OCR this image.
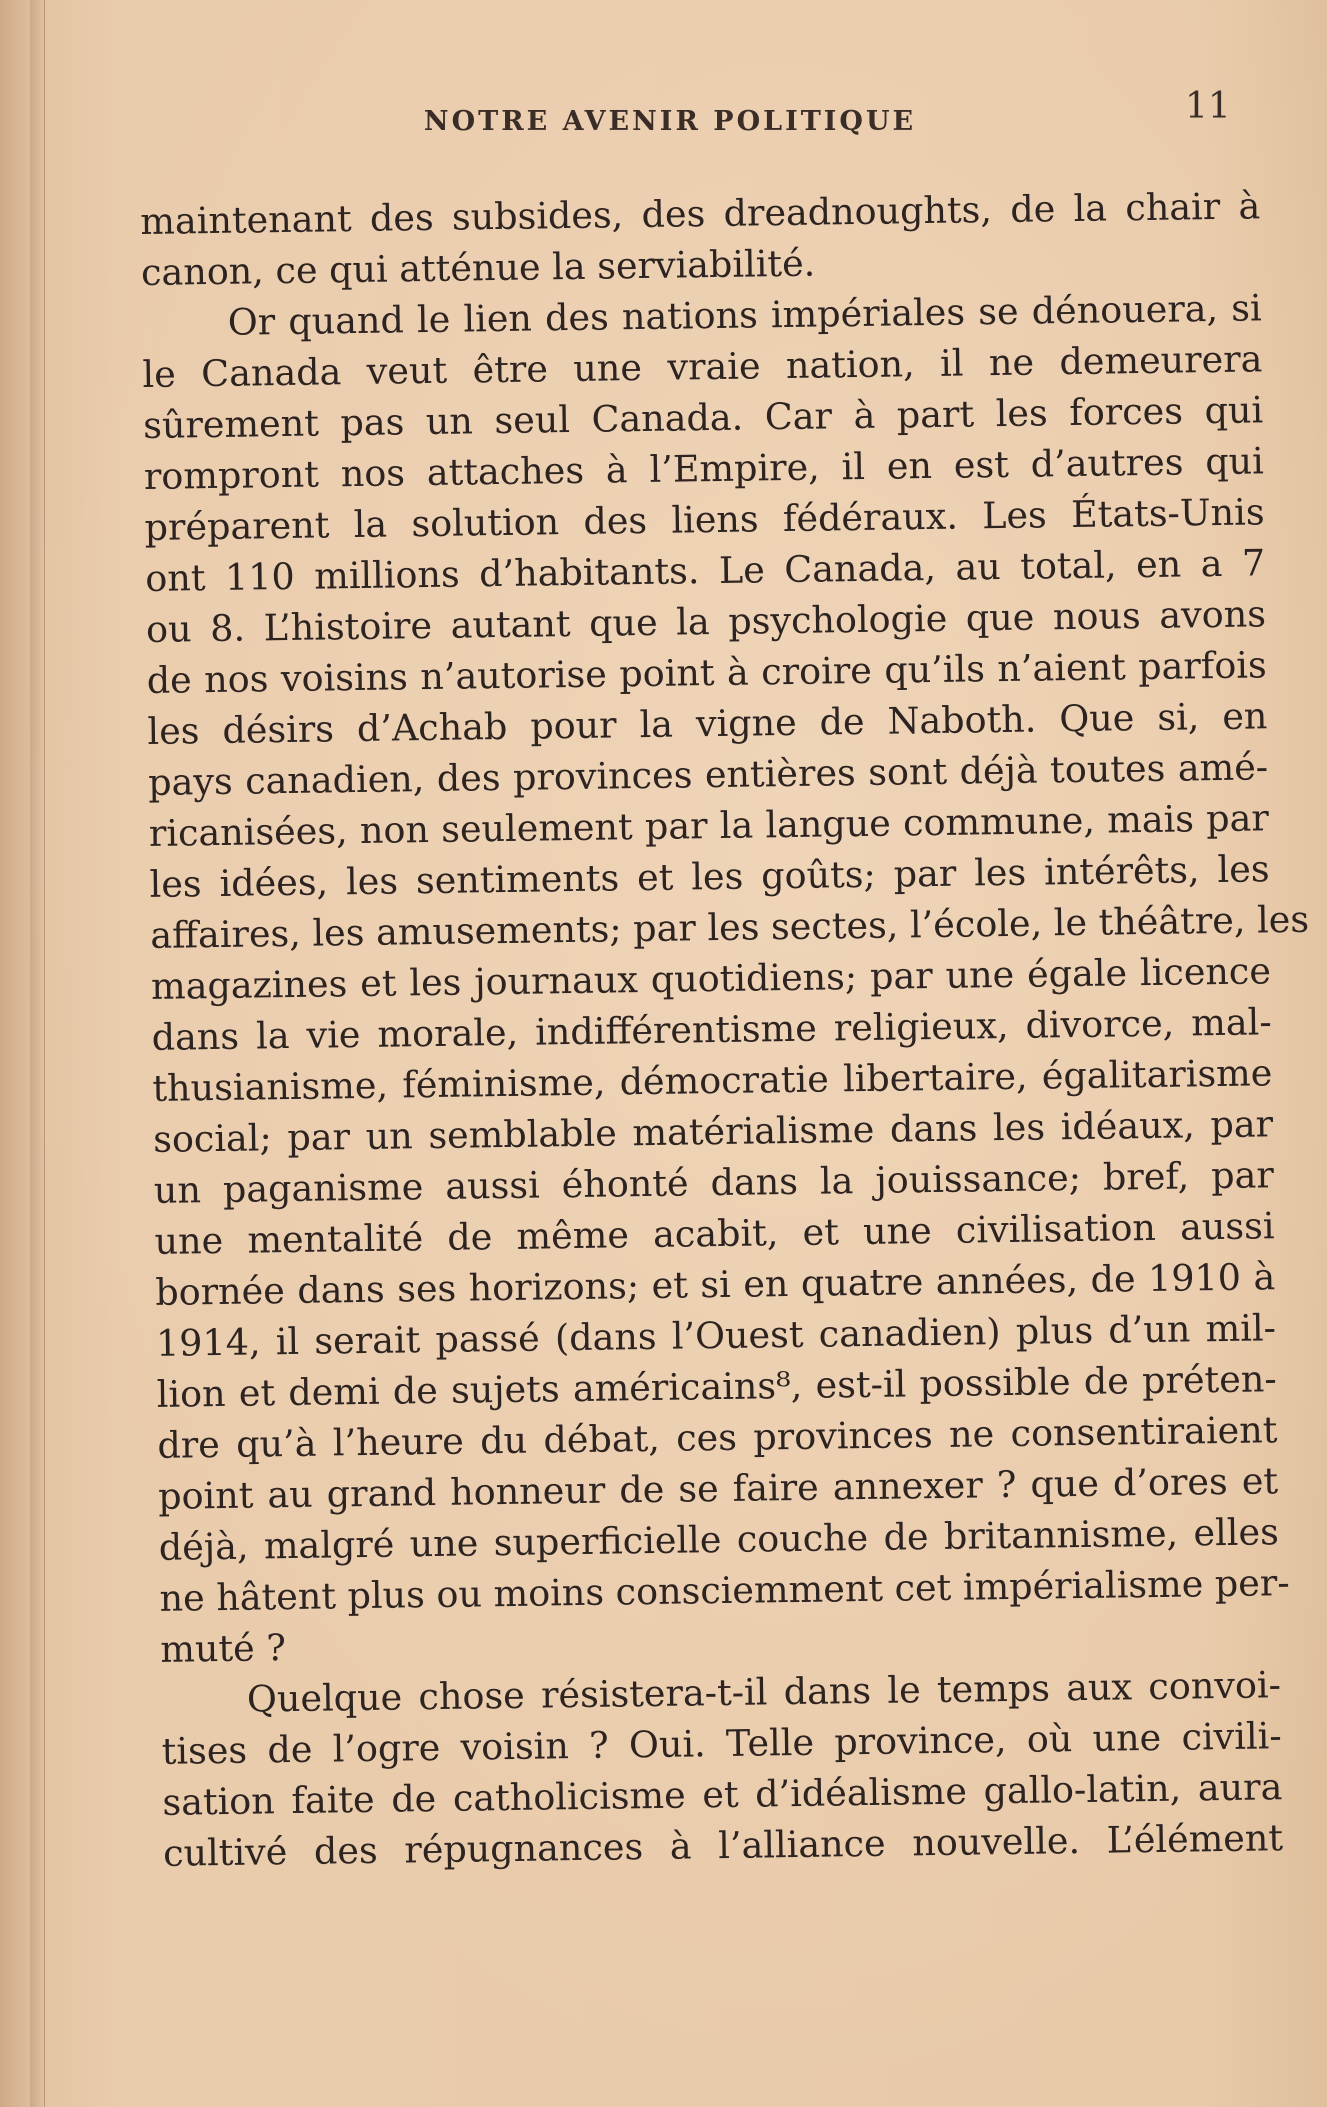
NOTRE AVENIR POLITIQUE	11
maintenant des subsides, des dreadnoughts, de la chair à
canon, ce qui atténue la serviabilité.
Or quand le lien des nations impériales se dénouera, si
le Canada veut être une vraie nation, il ne demeurera
sûrement pas un seul Canada. Car à part les forces qui
rompront nos attaches à l’Empire, il en est d’autres qui
préparent la solution des liens fédéraux. Les États-Unis
ont 110 millions d’habitants. Le Canada, au total, en a 7
ou 8. L’histoire autant que la psychologie que nous avons
de nos voisins n’autorise point à croire qu’ils n’aient parfois
les désirs d’Achab pour la vigne de Naboth. Que si, en
pays canadien, des provinces entières sont déjà toutes amé-
ricanisées, non seulement par la langue commune, mais par
les idées, les sentiments et les goûts; par les intérêts, les
affaires, les amusements; par les sectes, l’école, le théâtre, les
magazines et les journaux quotidiens; par une égale licence
dans la vie morale, indifférentisme religieux, divorce, mal-
thusianisme, féminisme, démocratie libertaire, égalitarisme
social; par un semblable matérialisme dans les idéaux, par
un paganisme aussi éhonté dans la jouissance; bref, par
une mentalité de même acabit, et une civilisation aussi
bornée dans ses horizons; et si en quatre années, de 1910 à
1914, il serait passé (dans l’Ouest canadien) plus d’un mil-
lion et demi de sujets américains⁸, est-il possible de préten-
dre qu’à l’heure du débat, ces provinces ne consentiraient
point au grand honneur de se faire annexer ? que d’ores et
déjà, malgré une superficielle couche de britannisme, elles
ne hâtent plus ou moins consciemment cet impérialisme per-
muté ?
Quelque chose résistera-t-il dans le temps aux convoi-
tises de l’ogre voisin ? Oui. Telle province, où une civili-
sation faite de catholicisme et d’idéalisme gallo-latin, aura
cultivé des répugnances à l’alliance nouvelle. L’élément
